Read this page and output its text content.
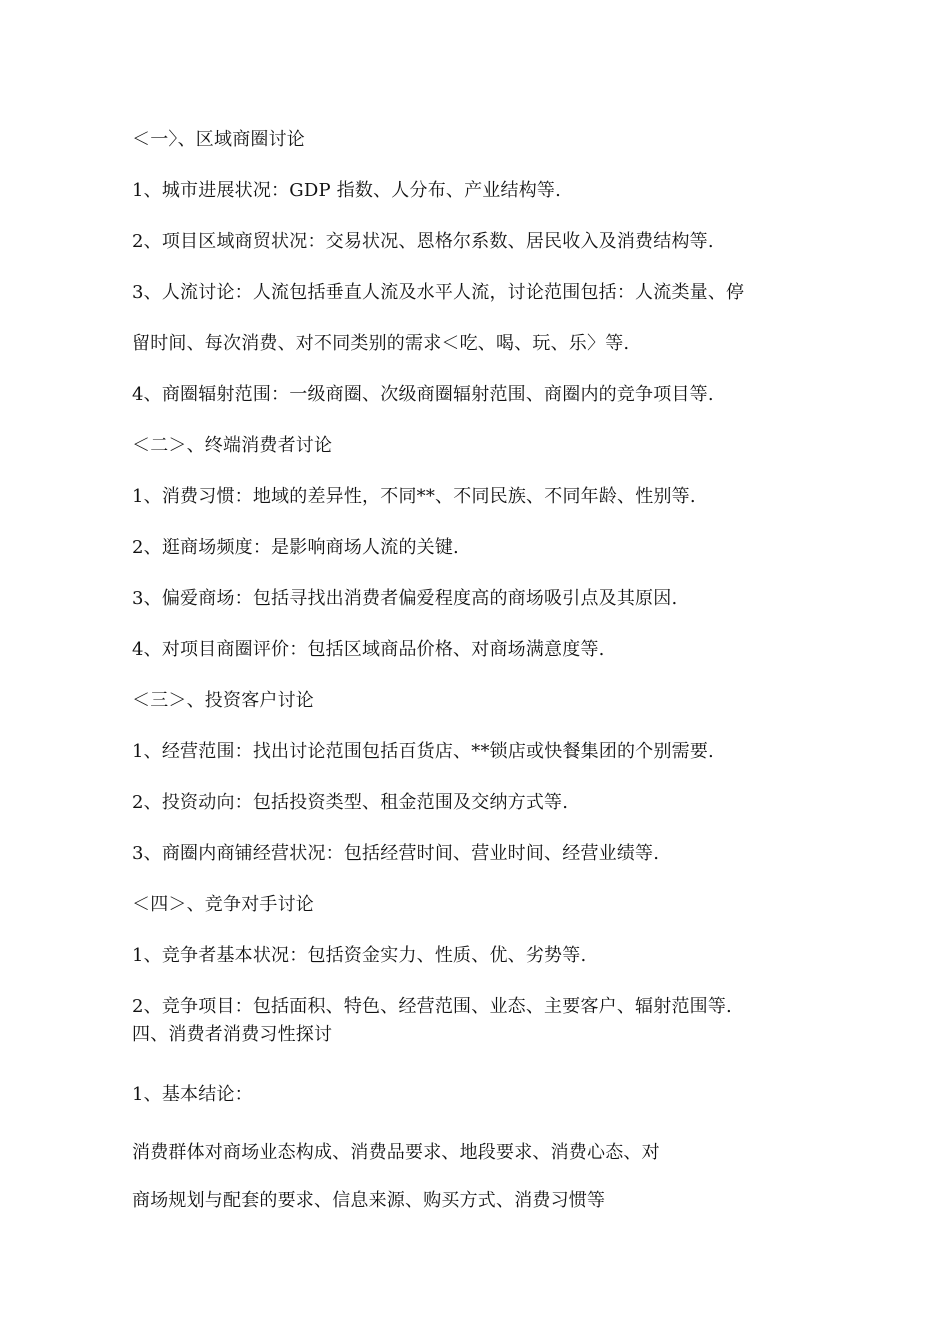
＜一〉、区域商圈讨论
1、城市进展状况：GDP 指数、人分布、产业结构等.
2、项目区域商贸状况：交易状况、恩格尔系数、居民收入及消费结构等.
3、人流讨论：人流包括垂直人流及水平人流，讨论范围包括：人流类量、停
留时间、每次消费、对不同类别的需求＜吃、喝、玩、乐〉等.
4、商圈辐射范围：一级商圈、次级商圈辐射范围、商圈内的竞争项目等.
＜二＞、终端消费者讨论
1、消费习惯：地域的差异性，不同**、不同民族、不同年龄、性别等.
2、逛商场频度：是影响商场人流的关键.
3、偏爱商场：包括寻找出消费者偏爱程度高的商场吸引点及其原因.
4、对项目商圈评价：包括区域商品价格、对商场满意度等.
＜三＞、投资客户讨论
1、经营范围：找出讨论范围包括百货店、**锁店或快餐集团的个别需要.
2、投资动向：包括投资类型、租金范围及交纳方式等.
3、商圈内商铺经营状况：包括经营时间、营业时间、经营业绩等.
＜四＞、竞争对手讨论
1、竞争者基本状况：包括资金实力、性质、优、劣势等.
2、竞争项目：包括面积、特色、经营范围、业态、主要客户、辐射范围等.
四、消费者消费习性探讨
1、基本结论：
消费群体对商场业态构成、消费品要求、地段要求、消费心态、对
商场规划与配套的要求、信息来源、购买方式、消费习惯等
